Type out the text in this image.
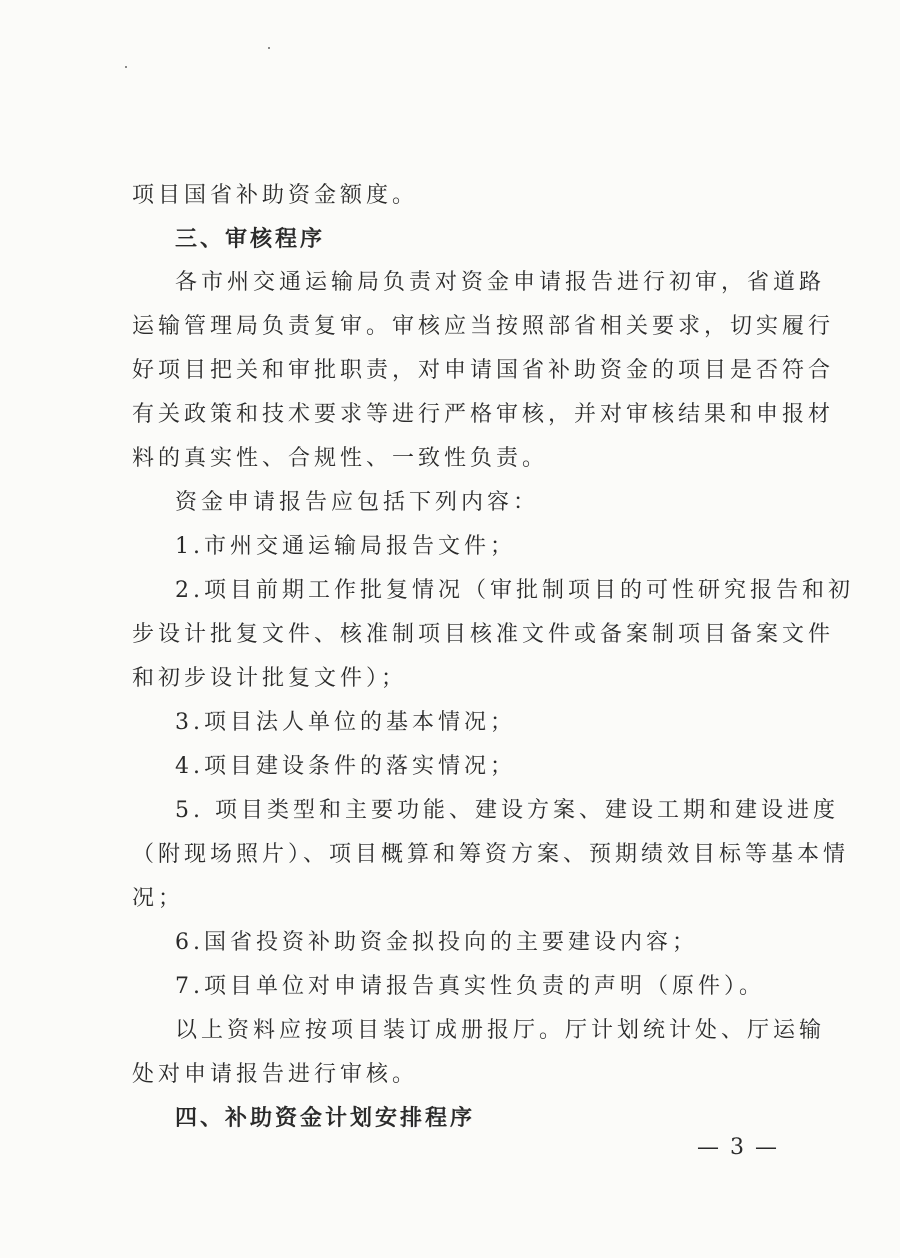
项目国省补助资金额度。
三、审核程序
各市州交通运输局负责对资金申请报告进行初审，省道路
运输管理局负责复审。审核应当按照部省相关要求，切实履行
好项目把关和审批职责，对申请国省补助资金的项目是否符合
有关政策和技术要求等进行严格审核，并对审核结果和申报材
料的真实性、合规性、一致性负责。
资金申请报告应包括下列内容：
1.市州交通运输局报告文件；
2.项目前期工作批复情况（审批制项目的可性研究报告和初
步设计批复文件、核准制项目核准文件或备案制项目备案文件
和初步设计批复文件）；
3.项目法人单位的基本情况；
4.项目建设条件的落实情况；
5. 项目类型和主要功能、建设方案、建设工期和建设进度
（附现场照片）、项目概算和筹资方案、预期绩效目标等基本情
况；
6.国省投资补助资金拟投向的主要建设内容；
7.项目单位对申请报告真实性负责的声明（原件）。
以上资料应按项目装订成册报厅。厅计划统计处、厅运输
处对申请报告进行审核。
四、补助资金计划安排程序
— 3 —
